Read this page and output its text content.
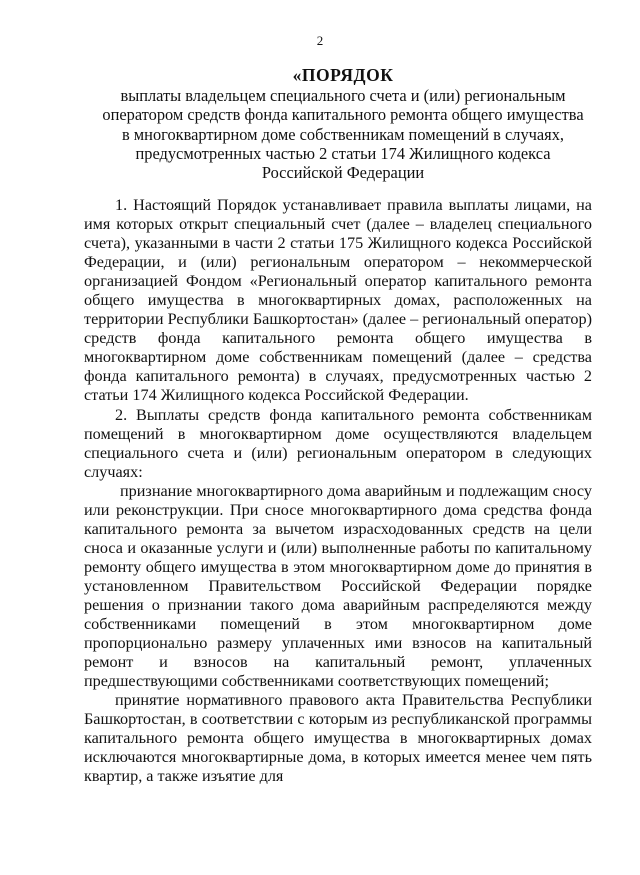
2
«ПОРЯДОК
выплаты владельцем специального счета и (или) региональным
оператором средств фонда капитального ремонта общего имущества
в многоквартирном доме собственникам помещений в случаях,
предусмотренных частью 2 статьи 174 Жилищного кодекса
Российской Федерации

1. Настоящий Порядок устанавливает правила выплаты лицами, на имя которых открыт специальный счет (далее – владелец специального счета), указанными в части 2 статьи 175 Жилищного кодекса Российской Федерации, и (или) региональным оператором – некоммерческой организацией Фондом «Региональный оператор капитального ремонта общего имущества в многоквартирных домах, расположенных на территории Республики Башкортостан» (далее – региональный оператор) средств фонда капитального ремонта общего имущества в многоквартирном доме собственникам помещений (далее – средства фонда капитального ремонта) в случаях, предусмотренных частью 2 статьи 174 Жилищного кодекса Российской Федерации.

2. Выплаты средств фонда капитального ремонта собственникам помещений в многоквартирном доме осуществляются владельцем специального счета и (или) региональным оператором в следующих случаях:

признание многоквартирного дома аварийным и подлежащим сносу или реконструкции. При сносе многоквартирного дома средства фонда капитального ремонта за вычетом израсходованных средств на цели сноса и оказанные услуги и (или) выполненные работы по капитальному ремонту общего имущества в этом многоквартирном доме до принятия в установленном Правительством Российской Федерации порядке решения о признании такого дома аварийным распределяются между собственниками помещений в этом многоквартирном доме пропорционально размеру уплаченных ими взносов на капитальный ремонт и взносов на капитальный ремонт, уплаченных предшествующими собственниками соответствующих помещений;

принятие нормативного правового акта Правительства Республики Башкортостан, в соответствии с которым из республиканской программы капитального ремонта общего имущества в многоквартирных домах исключаются многоквартирные дома, в которых имеется менее чем пять квартир, а также изъятие для
